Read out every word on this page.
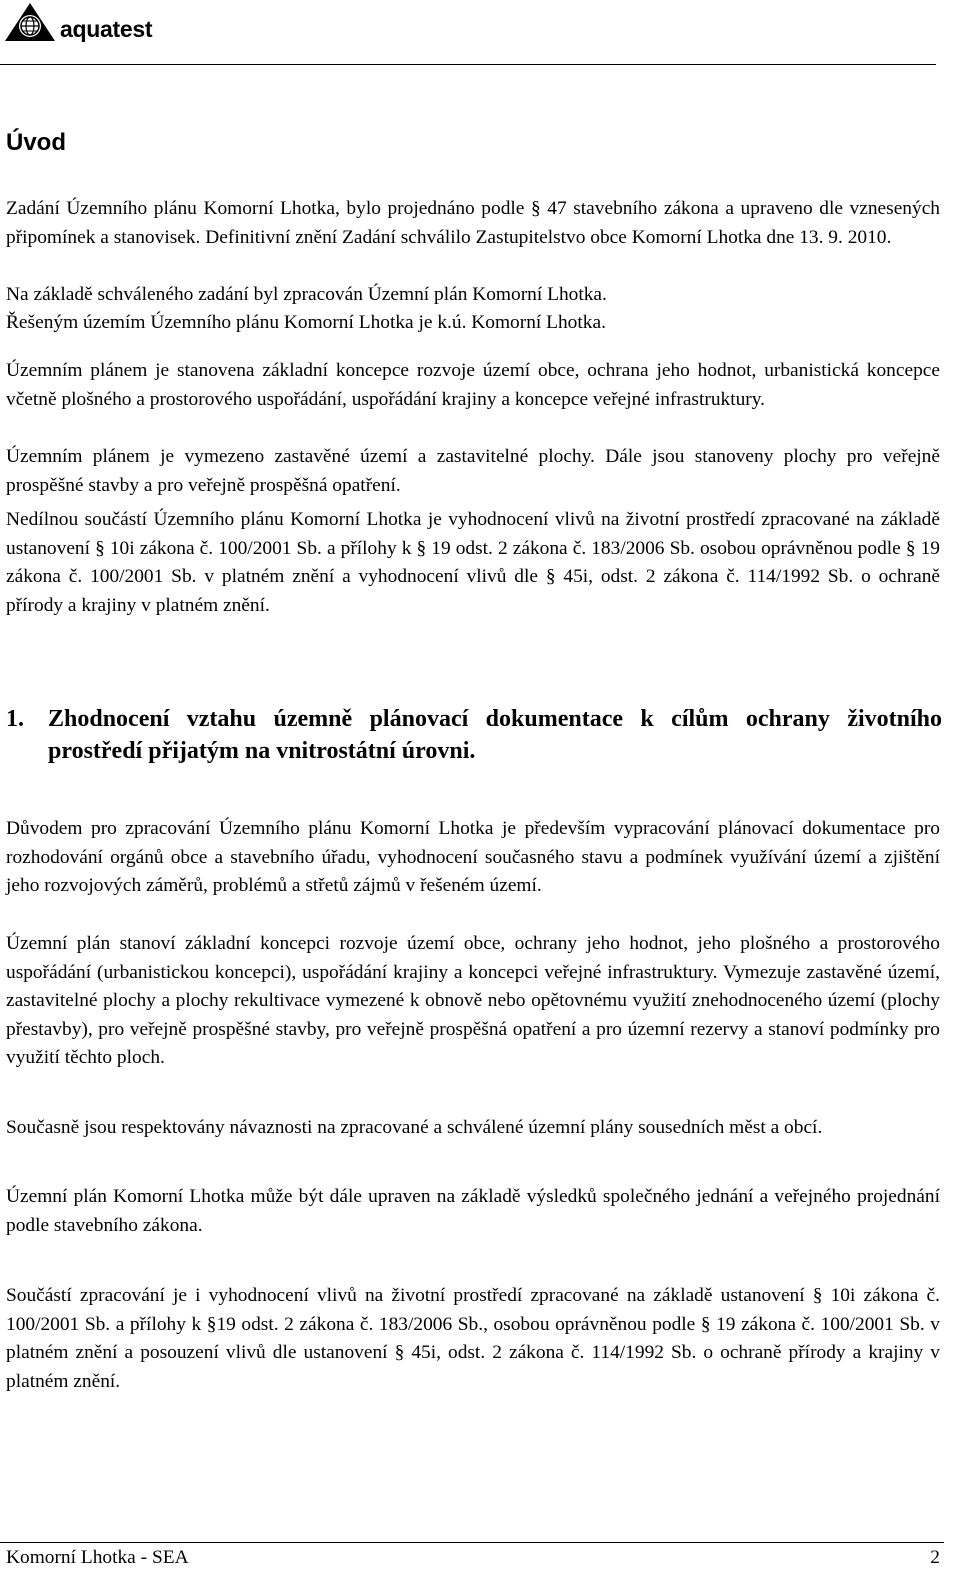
aquatest
Úvod

Zadání Územního plánu Komorní Lhotka, bylo projednáno podle § 47 stavebního zákona a upraveno dle vznesených připomínek a stanovisek. Definitivní znění Zadání schválilo Zastupitelstvo obce Komorní Lhotka dne 13. 9. 2010.

Na základě schváleného zadání byl zpracován Územní plán Komorní Lhotka.

Řešeným územím Územního plánu Komorní Lhotka je k.ú. Komorní Lhotka.

Územním plánem je stanovena základní koncepce rozvoje území obce, ochrana jeho hodnot, urbanistická koncepce včetně plošného a prostorového uspořádání, uspořádání krajiny a koncepce veřejné infrastruktury.

Územním plánem je vymezeno zastavěné území a zastavitelné plochy. Dále jsou stanoveny plochy pro veřejně prospěšné stavby a pro veřejně prospěšná opatření.

Nedílnou součástí Územního plánu Komorní Lhotka je vyhodnocení vlivů na životní prostředí zpracované na základě ustanovení § 10i zákona č. 100/2001 Sb. a přílohy k § 19 odst. 2 zákona č. 183/2006 Sb. osobou oprávněnou podle § 19 zákona č. 100/2001 Sb. v platném znění a vyhodnocení vlivů dle § 45i, odst. 2 zákona č. 114/1992 Sb. o ochraně přírody a krajiny v platném znění.

1. Zhodnocení vztahu územně plánovací dokumentace k cílům ochrany životního prostředí přijatým na vnitrostátní úrovni.

Důvodem pro zpracování Územního plánu Komorní Lhotka je především vypracování plánovací dokumentace pro rozhodování orgánů obce a stavebního úřadu, vyhodnocení současného stavu a podmínek využívání území a zjištění jeho rozvojových záměrů, problémů a střetů zájmů v řešeném území.

Územní plán stanoví základní koncepci rozvoje území obce, ochrany jeho hodnot, jeho plošného a prostorového uspořádání (urbanistickou koncepci), uspořádání krajiny a koncepci veřejné infrastruktury. Vymezuje zastavěné území, zastavitelné plochy a plochy rekultivace vymezené k obnově nebo opětovnému využití znehodnoceného území (plochy přestavby), pro veřejně prospěšné stavby, pro veřejně prospěšná opatření a pro územní rezervy a stanoví podmínky pro využití těchto ploch.

Současně jsou respektovány návaznosti na zpracované a schválené územní plány sousedních měst a obcí.

Územní plán Komorní Lhotka může být dále upraven na základě výsledků společného jednání a veřejného projednání podle stavebního zákona.

Součástí zpracování je i vyhodnocení vlivů na životní prostředí zpracované na základě ustanovení § 10i zákona č. 100/2001 Sb. a přílohy k §19 odst. 2 zákona č. 183/2006 Sb., osobou oprávněnou podle § 19 zákona č. 100/2001 Sb. v platném znění a posouzení vlivů dle ustanovení § 45i, odst. 2 zákona č. 114/1992 Sb. o ochraně přírody a krajiny v platném znění.

Komorní Lhotka - SEA	2
